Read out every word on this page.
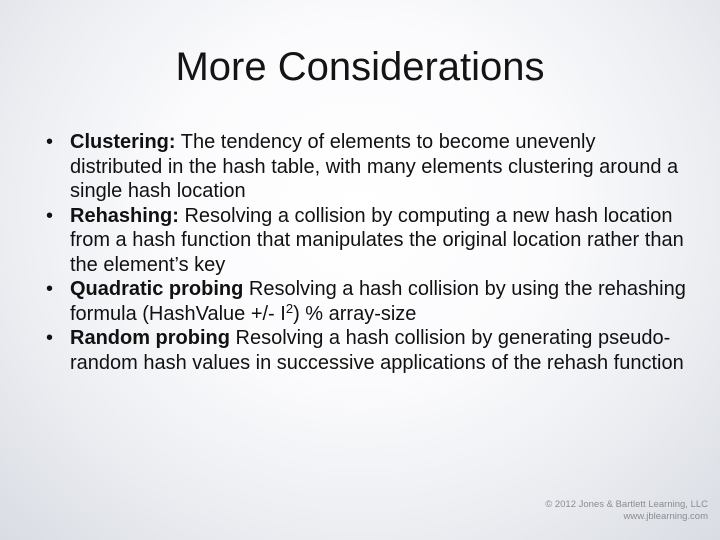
More Considerations
• Clustering: The tendency of elements to become unevenly distributed in the hash table, with many elements clustering around a single hash location
• Rehashing: Resolving a collision by computing a new hash location from a hash function that manipulates the original location rather than the element’s key
• Quadratic probing Resolving a hash collision by using the rehashing formula (HashValue +/- $I^2$) % array-size
• Random probing Resolving a hash collision by generating pseudo-random hash values in successive applications of the rehash function
© 2012 Jones & Bartlett Learning, LLC
www.jblearning.com
